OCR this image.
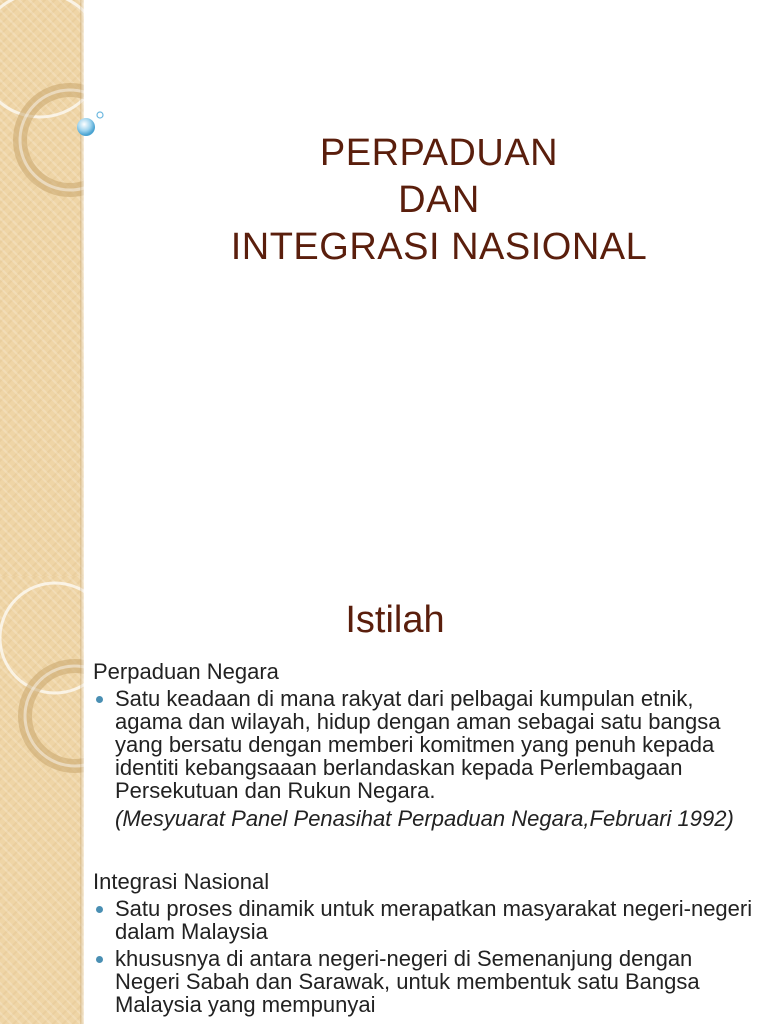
PERPADUAN
DAN
INTEGRASI NASIONAL
Istilah
Perpaduan Negara
Satu keadaan di mana rakyat dari pelbagai kumpulan etnik, agama dan wilayah, hidup dengan aman sebagai satu bangsa yang bersatu dengan memberi komitmen yang penuh kepada identiti kebangsaaan berlandaskan kepada Perlembagaan Persekutuan dan Rukun Negara.
(Mesyuarat Panel Penasihat Perpaduan Negara,Februari 1992)
Integrasi Nasional
Satu proses dinamik untuk merapatkan masyarakat negeri-negeri dalam Malaysia
khususnya di antara negeri-negeri di Semenanjung dengan Negeri Sabah dan Sarawak, untuk membentuk satu Bangsa Malaysia yang mempunyai
